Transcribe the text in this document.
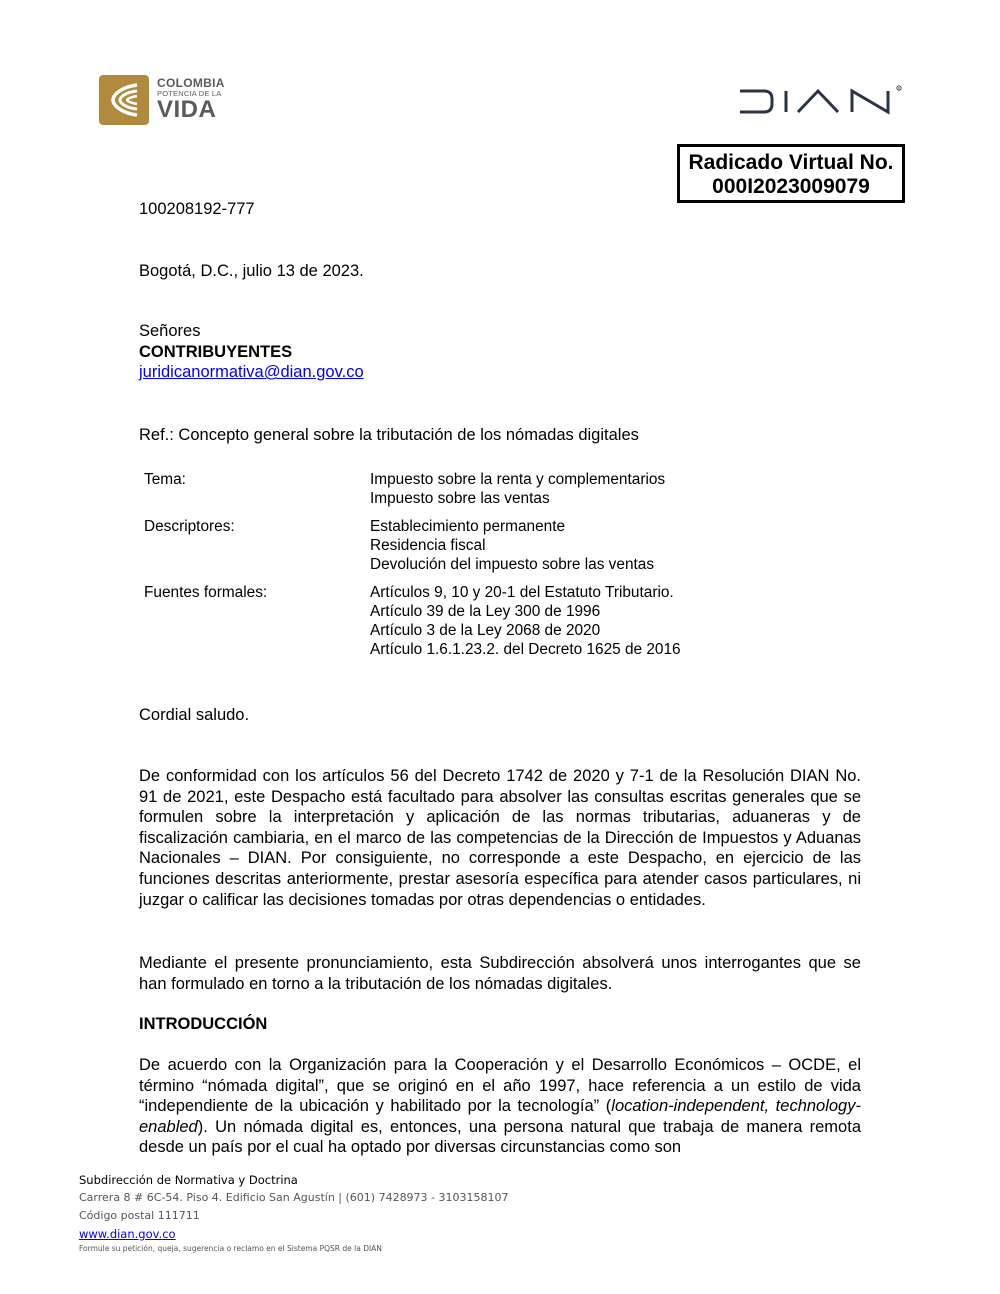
COLOMBIA
POTENCIA DE LA
VIDA
R
Radicado Virtual No.
000I2023009079

100208192-777

Bogotá, D.C., julio 13 de 2023.

Señores
CONTRIBUYENTES
juridicanormativa@dian.gov.co

Ref.: Concepto general sobre la tributación de los nómadas digitales

Tema:	Impuesto sobre la renta y complementarios
Impuesto sobre las ventas

Descriptores:	Establecimiento permanente
Residencia fiscal
Devolución del impuesto sobre las ventas

Fuentes formales:	Artículos 9, 10 y 20-1 del Estatuto Tributario.
Artículo 39 de la Ley 300 de 1996
Artículo 3 de la Ley 2068 de 2020
Artículo 1.6.1.23.2. del Decreto 1625 de 2016

Cordial saludo.

De conformidad con los artículos 56 del Decreto 1742 de 2020 y 7-1 de la Resolución DIAN No. 91 de 2021, este Despacho está facultado para absolver las consultas escritas generales que se formulen sobre la interpretación y aplicación de las normas tributarias, aduaneras y de fiscalización cambiaria, en el marco de las competencias de la Dirección de Impuestos y Aduanas Nacionales – DIAN. Por consiguiente, no corresponde a este Despacho, en ejercicio de las funciones descritas anteriormente, prestar asesoría específica para atender casos particulares, ni juzgar o calificar las decisiones tomadas por otras dependencias o entidades.

Mediante el presente pronunciamiento, esta Subdirección absolverá unos interrogantes que se han formulado en torno a la tributación de los nómadas digitales.

INTRODUCCIÓN

De acuerdo con la Organización para la Cooperación y el Desarrollo Económicos – OCDE, el término “nómada digital”, que se originó en el año 1997, hace referencia a un estilo de vida “independiente de la ubicación y habilitado por la tecnología” (location-independent, technology-enabled). Un nómada digital es, entonces, una persona natural que trabaja de manera remota desde un país por el cual ha optado por diversas circunstancias como son

Subdirección de Normativa y Doctrina
Carrera 8 # 6C-54. Piso 4. Edificio San Agustín | (601) 7428973 - 3103158107
Código postal 111711
www.dian.gov.co
Formule su petición, queja, sugerencia o reclamo en el Sistema PQSR de la DIAN
